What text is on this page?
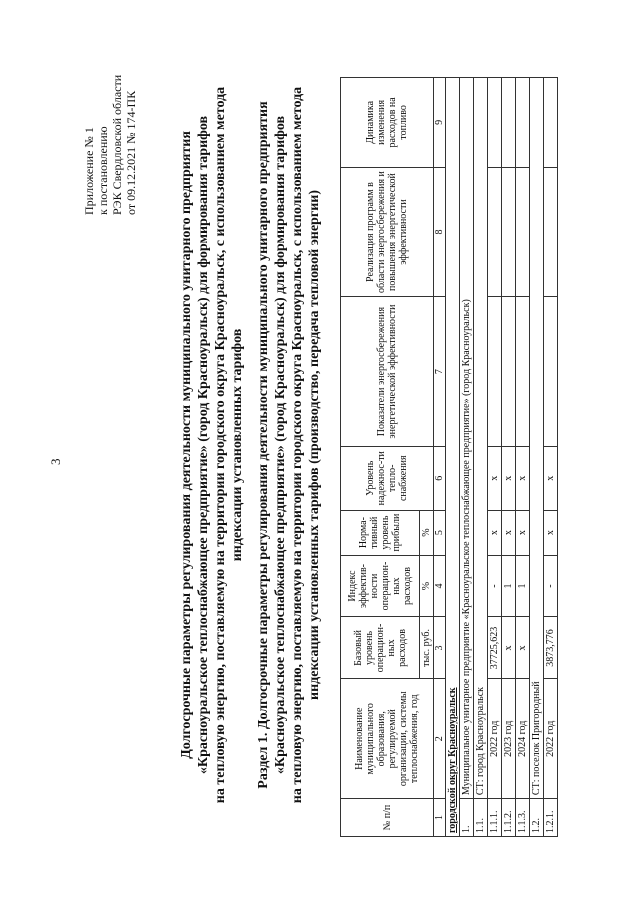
3
Приложение № 1 к постановлению РЭК Свердловской области от 09.12.2021 № 174-ПК	Долгосрочные параметры регулирования деятельности муниципального унитарного предприятия «Красноуральское теплоснабжающее предприятие» (город Красноуральск) для формирования тарифов на тепловую энергию, поставляемую на территории городского округа Красноуральск, с использованием метода индексации установленных тарифов Раздел 1. Долгосрочные параметры регулирования деятельности муниципального унитарного предприятия «Красноуральское теплоснабжающее предприятие» (город Красноуральск) для формирования тарифов на тепловую энергию, поставляемую на территории городского округа Красноуральск, с использованием метода индексации установленных тарифов (производство, передача тепловой энергии)
№ п/п	Наименование муниципального образования, регулируемой организации, системы теплоснабжения, год	Базовый уровень операцион-ных расходов	Индекс эффектив-ности операцион-ных расходов	Норма-тивный уровень прибыли	Уровень надежнос-ти тепло-снабжения	Показатели энергосбережения энергетической эффективности	Реализация программ в области энергосбережения и повышения энергетической эффективности	Динамика изменения расходов на топливо
		тыс. руб.	%	%				
1	2	3	4	5	6	7	8	9
городской округ Красноуральск								
1.	Муниципальное унитарное предприятие «Красноуральское теплоснабжающее предприятие» (город Красноуральск)							
1.1.	СТ: город Красноуральск							
1.1.1.	2022 год	37725,623	-	х	х			
1.1.2.	2023 год	х	1	х	х			
1.1.3.	2024 год	х	1	х	х			
1.2.	СТ: поселок Пригородный							
1.2.1.	2022 год	3873,776	-	х	х			
